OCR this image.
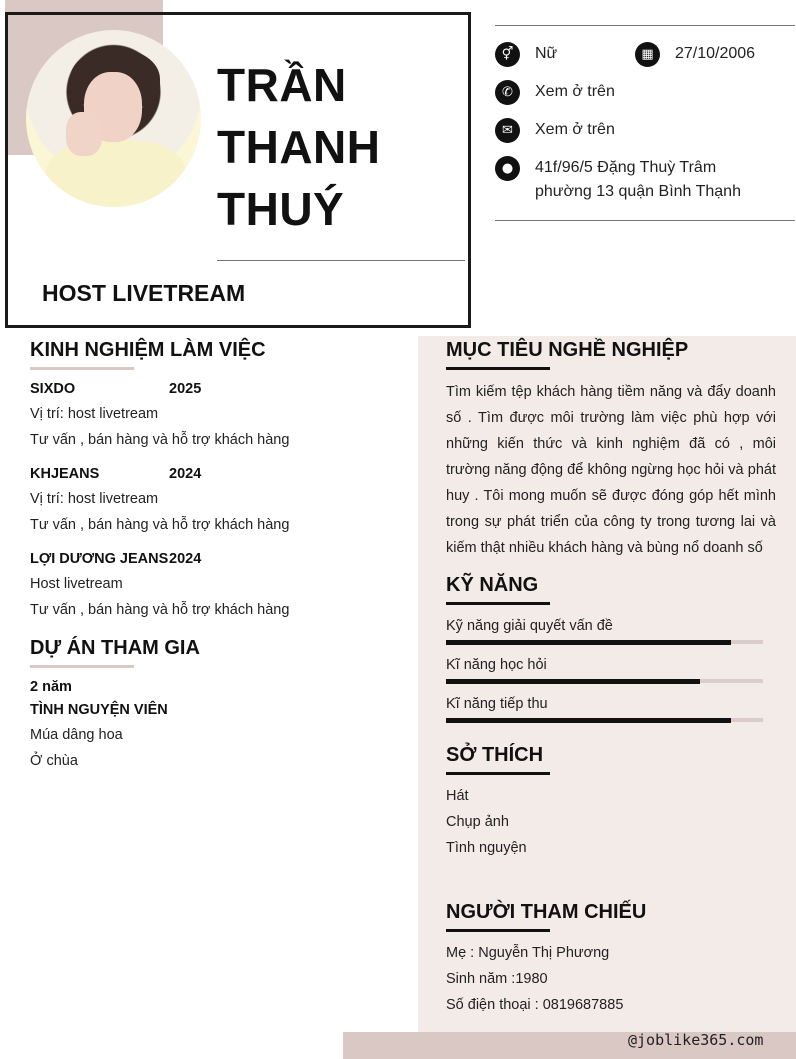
TRẦN
THANH
THUÝ
HOST LIVETREAM
⚥	Nữ	▦	27/10/2006
✆	Xem ở trên
✉	Xem ở trên
●	41f/96/5 Đặng Thuỳ Trâm
phường 13 quận Bình Thạnh
KINH NGHIỆM LÀM VIỆC
SIXDO	2025
Vị trí: host livetream
Tư vấn , bán hàng và hỗ trợ khách hàng
KHJEANS	2024
Vị trí: host livetream
Tư vấn , bán hàng và hỗ trợ khách hàng
LỢI DƯƠNG JEANS 2024
Host livetream
Tư vấn , bán hàng và hỗ trợ khách hàng
DỰ ÁN THAM GIA
2 năm
TÌNH NGUYỆN VIÊN
Múa dâng hoa
Ở chùa
MỤC TIÊU NGHỀ NGHIỆP
Tìm kiếm tệp khách hàng tiềm năng và đẩy doanh số . Tìm được môi trường làm việc phù hợp với những kiến thức và kinh nghiệm đã có , môi trường năng động để không ngừng học hỏi và phát huy . Tôi mong muốn sẽ được đóng góp hết mình trong sự phát triển của công ty trong tương lai và kiếm thật nhiều khách hàng và bùng nổ doanh số
KỸ NĂNG
Kỹ năng giải quyết vấn đề
Kĩ năng học hỏi
Kĩ năng tiếp thu
SỞ THÍCH
Hát
Chụp ảnh
Tình nguyện
NGƯỜI THAM CHIẾU
Mẹ : Nguyễn Thị Phương
Sinh năm :1980
Số điện thoại : 0819687885
@joblike365.com
